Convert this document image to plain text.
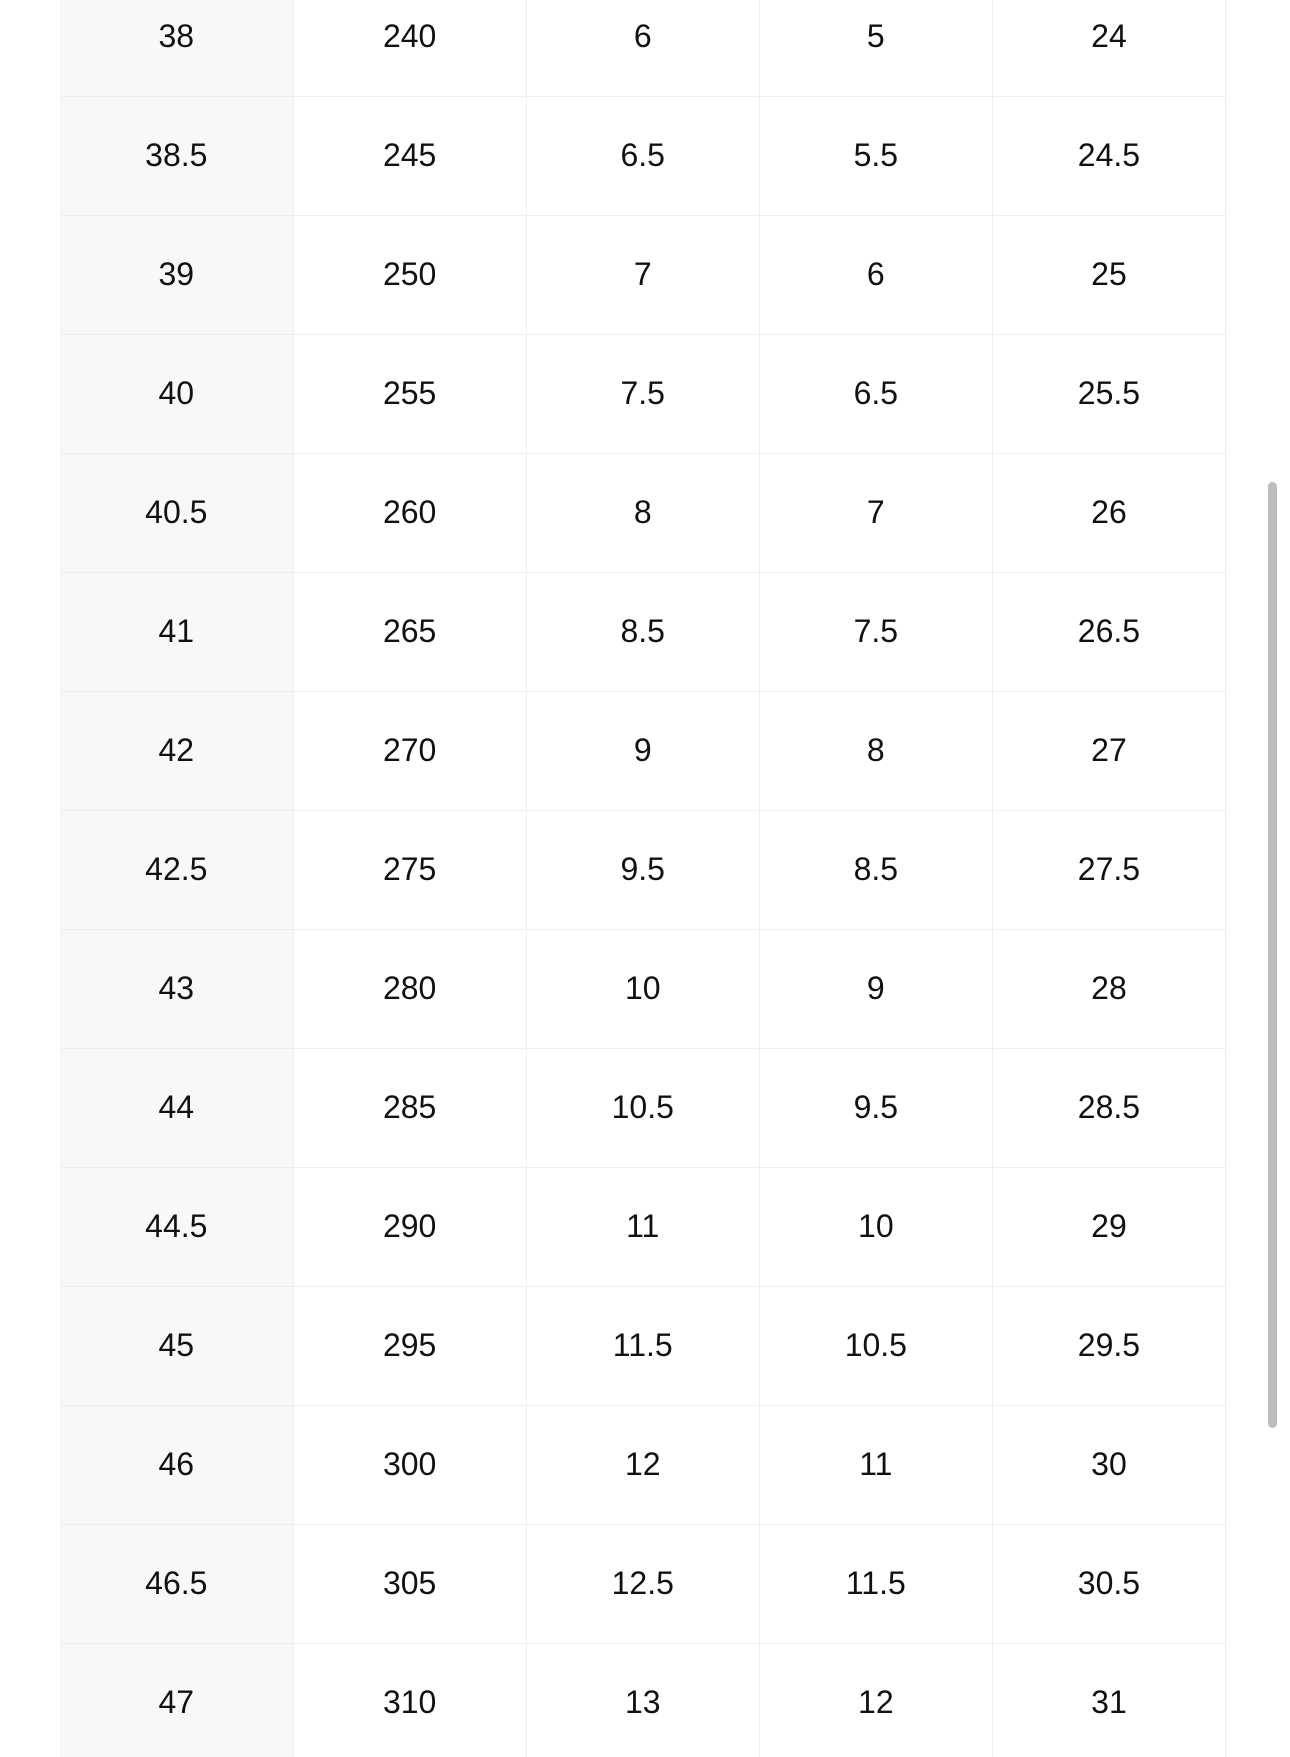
38	240	6	5	24
38.5	245	6.5	5.5	24.5
39	250	7	6	25
40	255	7.5	6.5	25.5
40.5	260	8	7	26
41	265	8.5	7.5	26.5
42	270	9	8	27
42.5	275	9.5	8.5	27.5
43	280	10	9	28
44	285	10.5	9.5	28.5
44.5	290	11	10	29
45	295	11.5	10.5	29.5
46	300	12	11	30
46.5	305	12.5	11.5	30.5
47	310	13	12	31
